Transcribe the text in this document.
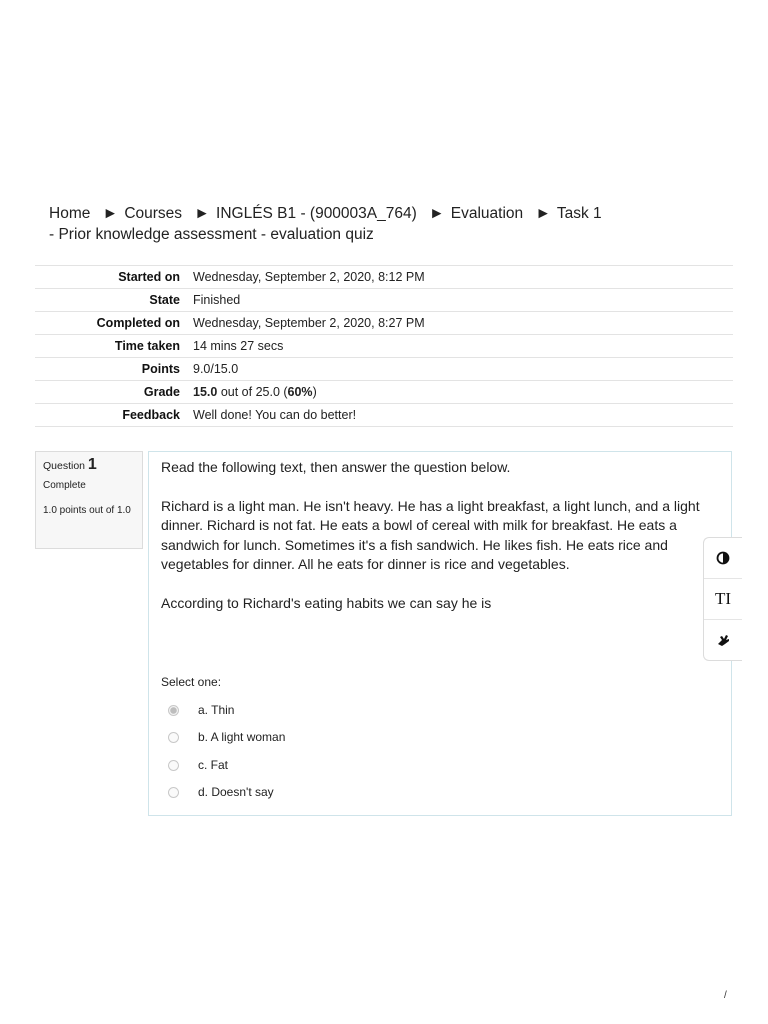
Home ► Courses ► INGLÉS B1 - (900003A_764) ► Evaluation ► Task 1 - Prior knowledge assessment - evaluation quiz
Started on	Wednesday, September 2, 2020, 8:12 PM
State	Finished
Completed on	Wednesday, September 2, 2020, 8:27 PM
Time taken	14 mins 27 secs
Points	9.0/15.0
Grade	15.0 out of 25.0 (60%)
Feedback	Well done! You can do better!
Question 1
Complete
1.0 points out of 1.0

Read the following text, then answer the question below.

Richard is a light man. He isn't heavy. He has a light breakfast, a light lunch, and a light dinner. Richard is not fat. He eats a bowl of cereal with milk for breakfast. He eats a sandwich for lunch. Sometimes it's a fish sandwich. He likes fish. He eats rice and vegetables for dinner. All he eats for dinner is rice and vegetables.

According to Richard's eating habits we can say he is

Select one:
a. Thin
b. A light woman
c. Fat
d. Doesn't say
TI
/
